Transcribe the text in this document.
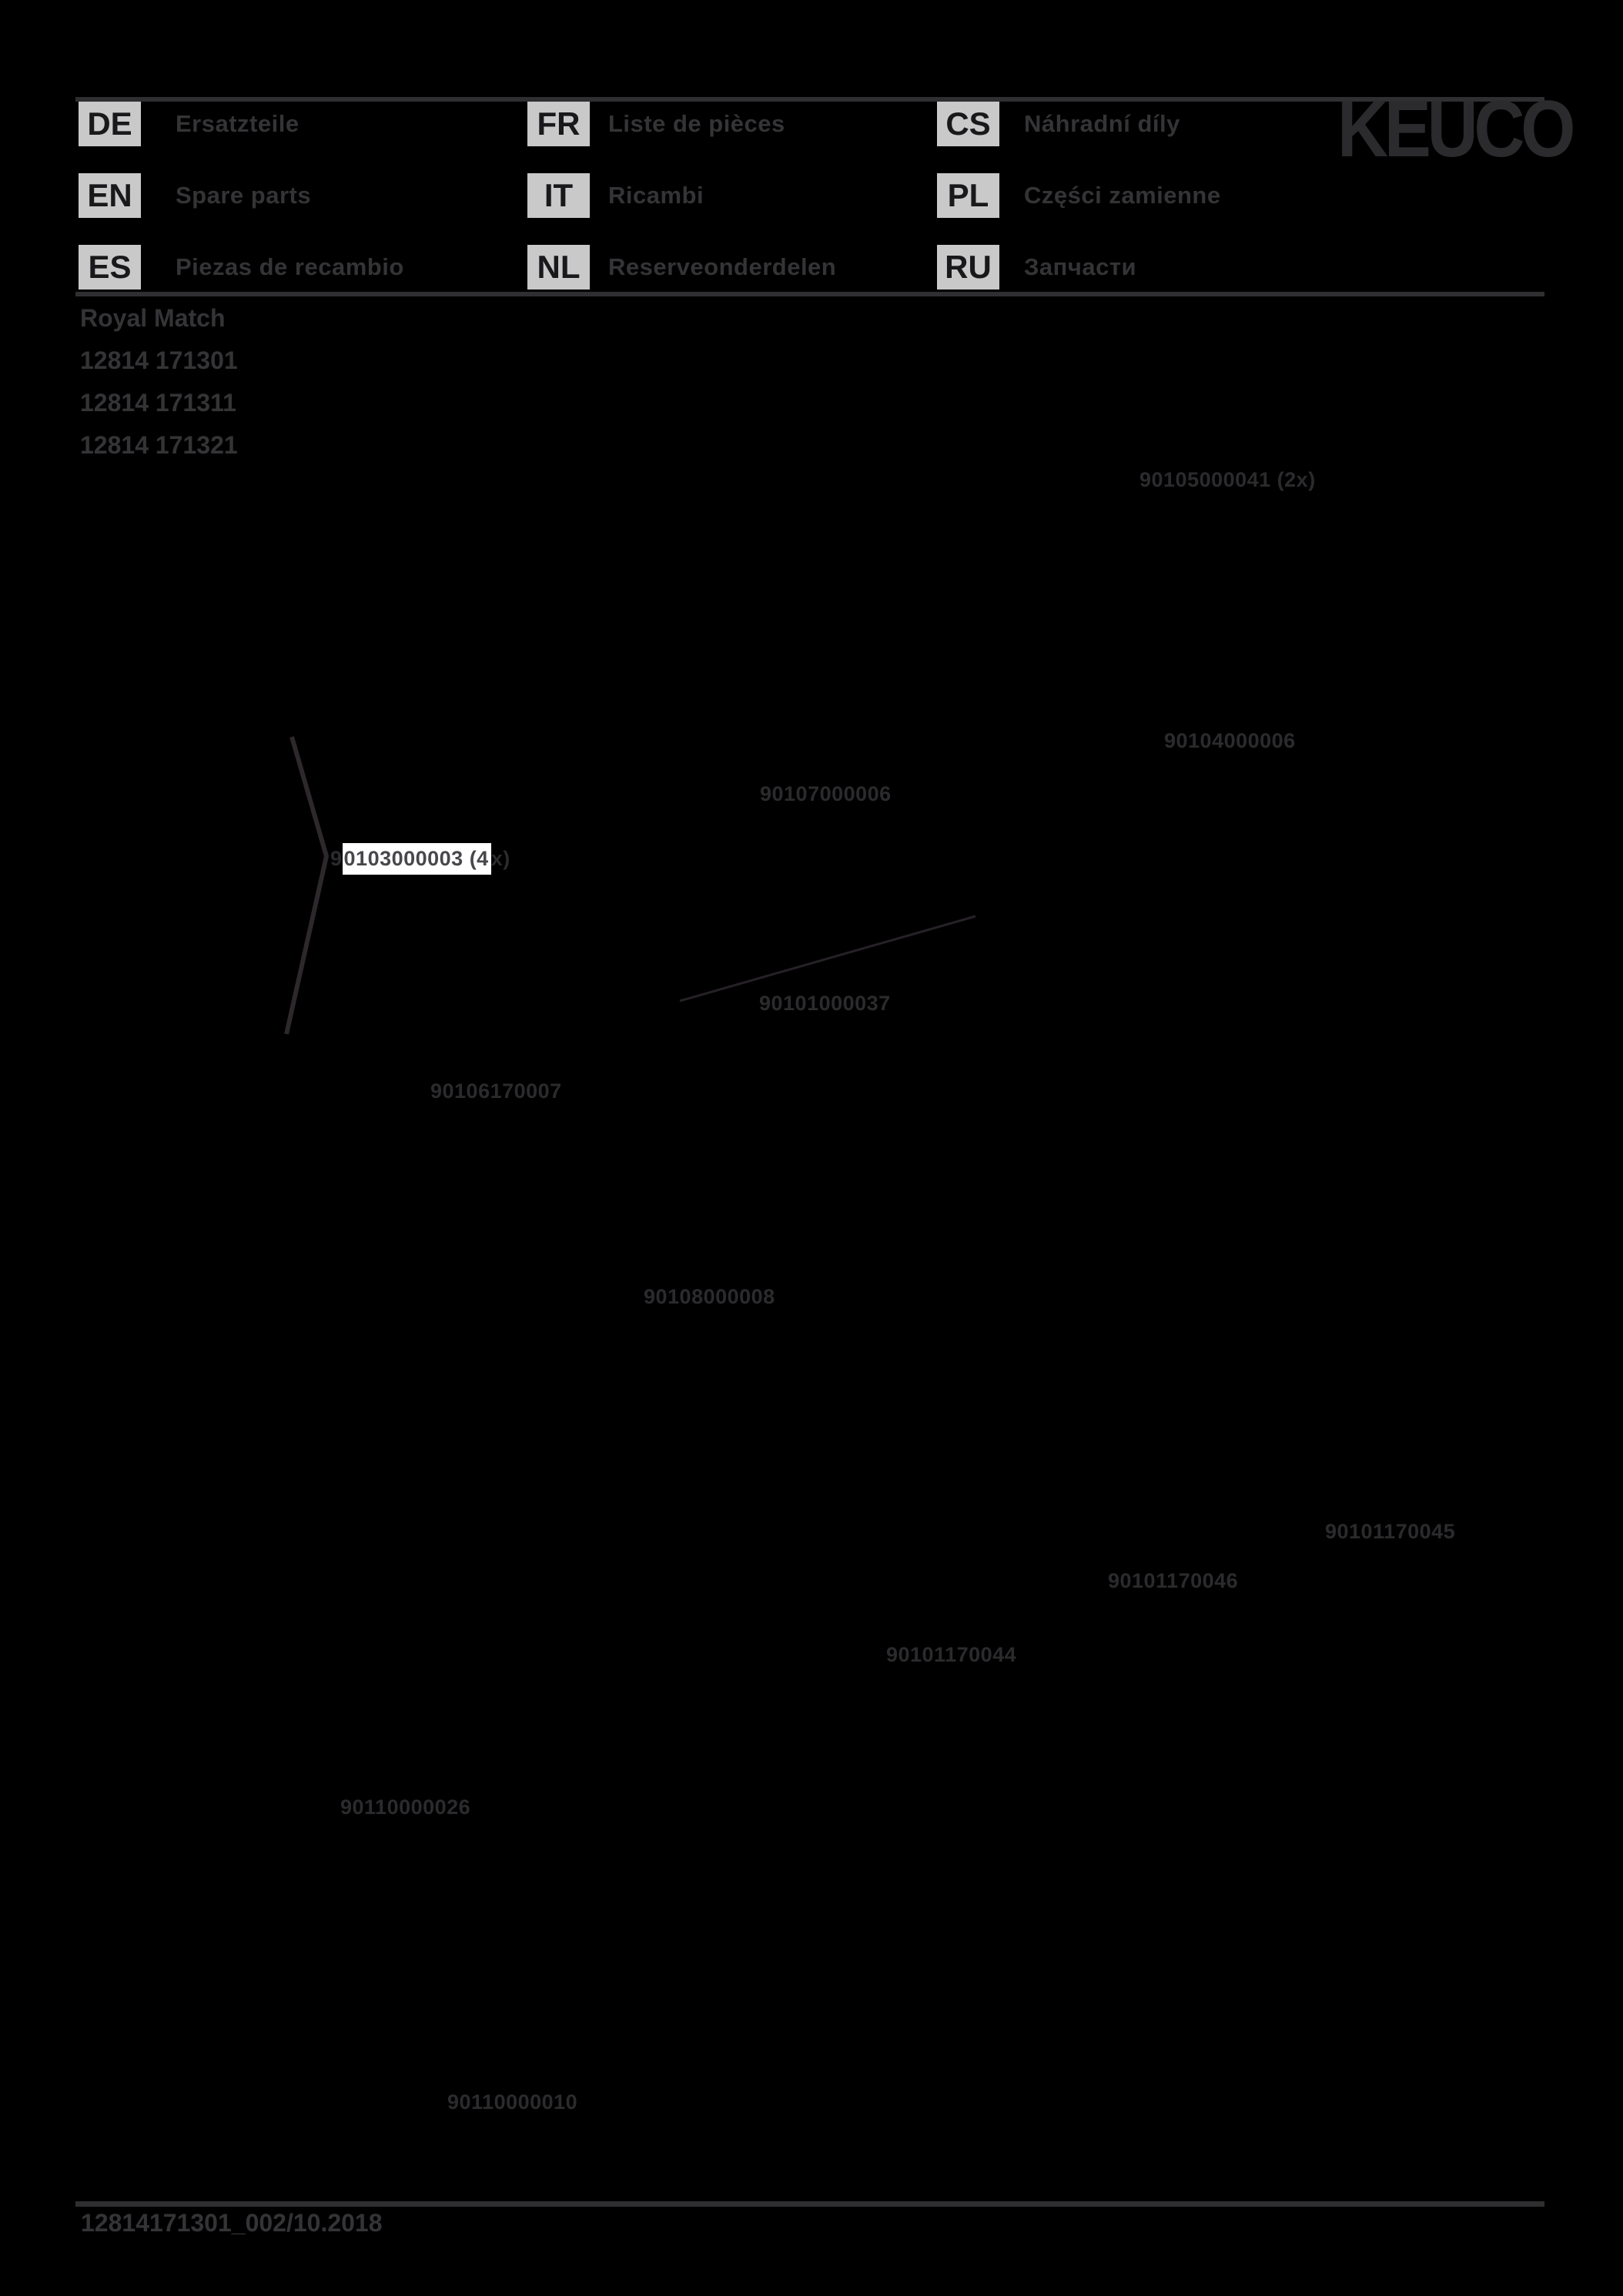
DE	Ersatzteile
EN	Spare parts
ES	Piezas de recambio
FR	Liste de pièces
IT	Ricambi
NL	Reserveonderdelen
CS	Náhradní díly
PL	Części zamienne
RU	Запчасти
KEUCO
Royal Match
12814 171301
12814 171311
12814 171321
90105000041 (2x)
90104000006
90107000006
90103000003 (4 x)
90101000037
90106170007
90108000008
90101170045
90101170046
90101170044
90110000026
90110000010
12814171301_002/10.2018
